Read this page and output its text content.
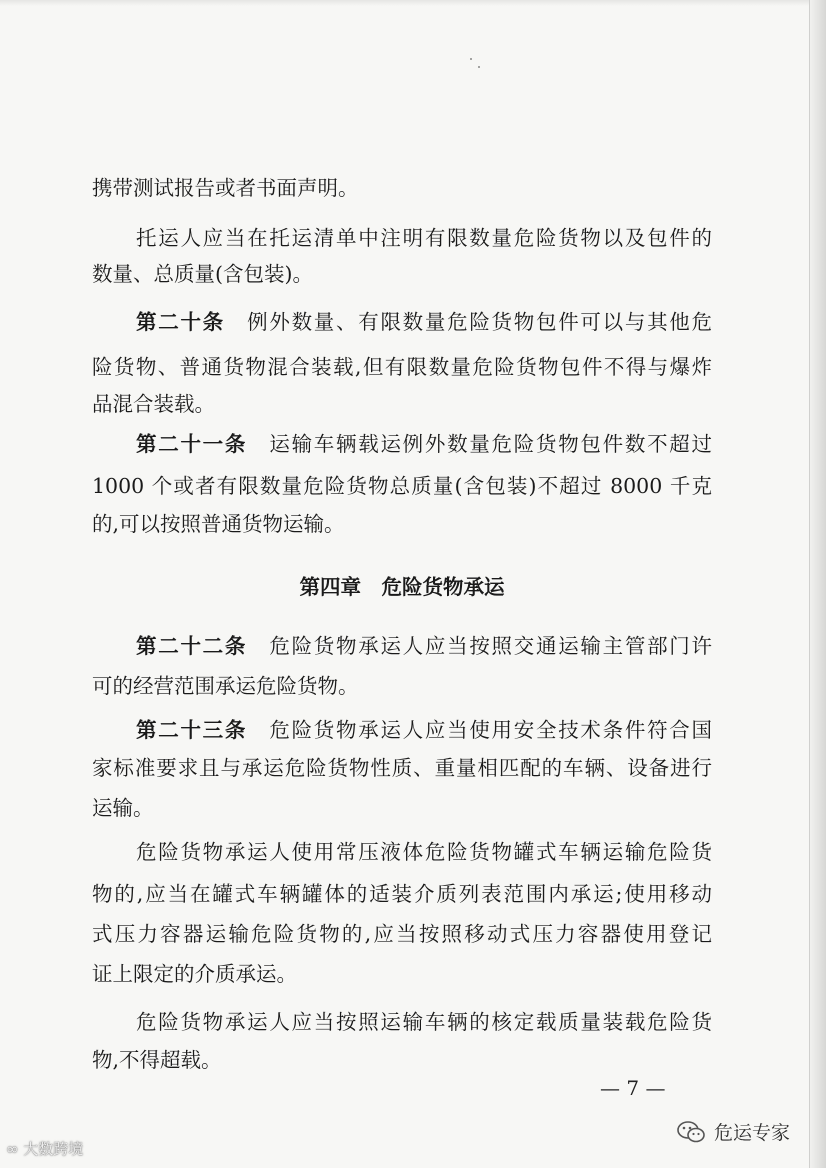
携带测试报告或者书面声明。

托运人应当在托运清单中注明有限数量危险货物以及包件的

数量、总质量(含包装)。

第二十条　 例外数量、有限数量危险货物包件可以与其他危

险货物、普通货物混合装载,但有限数量危险货物包件不得与爆炸

品混合装载。

第二十一条　 运输车辆载运例外数量危险货物包件数不超过

1000 个或者有限数量危险货物总质量(含包装)不超过 8000 千克

的,可以按照普通货物运输。

第四章　 危险货物承运

第二十二条　 危险货物承运人应当按照交通运输主管部门许

可的经营范围承运危险货物。

第二十三条　 危险货物承运人应当使用安全技术条件符合国

家标准要求且与承运危险货物性质、重量相匹配的车辆、设备进行

运输。

危险货物承运人使用常压液体危险货物罐式车辆运输危险货

物的,应当在罐式车辆罐体的适装介质列表范围内承运;使用移动

式压力容器运输危险货物的,应当按照移动式压力容器使用登记

证上限定的介质承运。

危险货物承运人应当按照运输车辆的核定载质量装载危险货

物,不得超载。

— 7 —
∞ 大数跨境
危运专家
